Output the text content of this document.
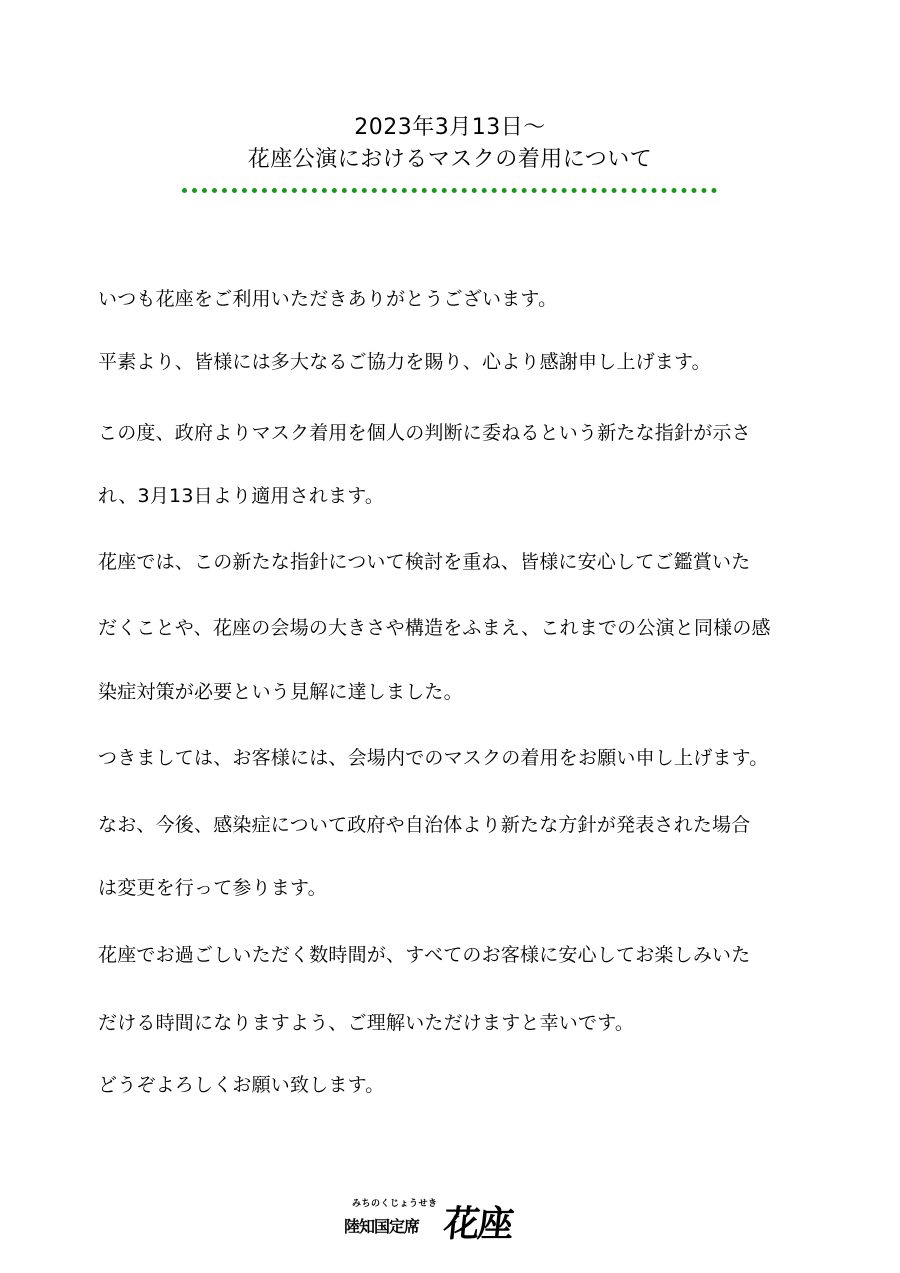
2023年3月13日～
花座公演におけるマスクの着用について
いつも花座をご利用いただきありがとうございます。
平素より、皆様には多大なるご協力を賜り、心より感謝申し上げます。
この度、政府よりマスク着用を個人の判断に委ねるという新たな指針が示さ
れ、3月13日より適用されます。
花座では、この新たな指針について検討を重ね、皆様に安心してご鑑賞いた
だくことや、花座の会場の大きさや構造をふまえ、これまでの公演と同様の感
染症対策が必要という見解に達しました。
つきましては、お客様には、会場内でのマスクの着用をお願い申し上げます。
なお、今後、感染症について政府や自治体より新たな方針が発表された場合
は変更を行って参ります。
花座でお過ごしいただく数時間が、すべてのお客様に安心してお楽しみいた
だける時間になりますよう、ご理解いただけますと幸いです。
どうぞよろしくお願い致します。
みちのくじょうせき
陸知国定席 花座
